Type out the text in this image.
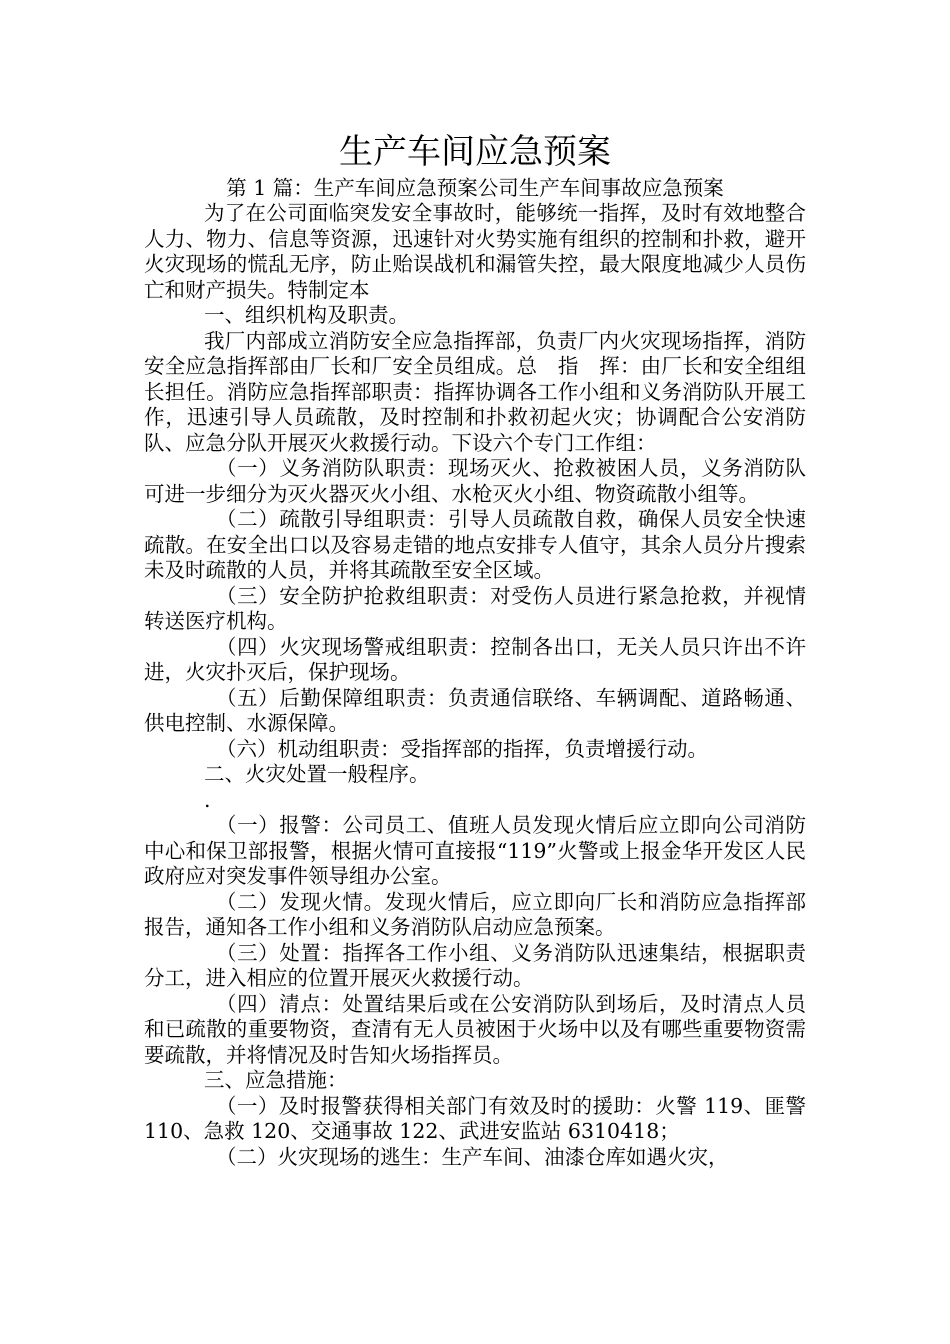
生产车间应急预案

第 1 篇：生产车间应急预案公司生产车间事故应急预案

为了在公司面临突发安全事故时，能够统一指挥，及时有效地整合人力、物力、信息等资源，迅速针对火势实施有组织的控制和扑救，避开火灾现场的慌乱无序，防止贻误战机和漏管失控，最大限度地减少人员伤亡和财产损失。特制定本

一、组织机构及职责。

我厂内部成立消防安全应急指挥部，负责厂内火灾现场指挥，消防安全应急指挥部由厂长和厂安全员组成。总　指　挥：由厂长和安全组组长担任。消防应急指挥部职责：指挥协调各工作小组和义务消防队开展工作，迅速引导人员疏散，及时控制和扑救初起火灾；协调配合公安消防队、应急分队开展灭火救援行动。下设六个专门工作组：

（一）义务消防队职责：现场灭火、抢救被困人员，义务消防队可进一步细分为灭火器灭火小组、水枪灭火小组、物资疏散小组等。

（二）疏散引导组职责：引导人员疏散自救，确保人员安全快速疏散。在安全出口以及容易走错的地点安排专人值守，其余人员分片搜索未及时疏散的人员，并将其疏散至安全区域。

（三）安全防护抢救组职责：对受伤人员进行紧急抢救，并视情转送医疗机构。

（四）火灾现场警戒组职责：控制各出口，无关人员只许出不许进，火灾扑灭后，保护现场。

（五）后勤保障组职责：负责通信联络、车辆调配、道路畅通、供电控制、水源保障。

（六）机动组职责：受指挥部的指挥，负责增援行动。

二、火灾处置一般程序。

.

（一）报警：公司员工、值班人员发现火情后应立即向公司消防中心和保卫部报警，根据火情可直接报“119”火警或上报金华开发区人民政府应对突发事件领导组办公室。

（二）发现火情。发现火情后，应立即向厂长和消防应急指挥部报告，通知各工作小组和义务消防队启动应急预案。

（三）处置：指挥各工作小组、义务消防队迅速集结，根据职责分工，进入相应的位置开展灭火救援行动。

（四）清点：处置结果后或在公安消防队到场后，及时清点人员和已疏散的重要物资，查清有无人员被困于火场中以及有哪些重要物资需要疏散，并将情况及时告知火场指挥员。

三、应急措施：

（一）及时报警获得相关部门有效及时的援助：火警 119、匪警 110、急救 120、交通事故 122、武进安监站 6310418；

（二）火灾现场的逃生：生产车间、油漆仓库如遇火灾，
